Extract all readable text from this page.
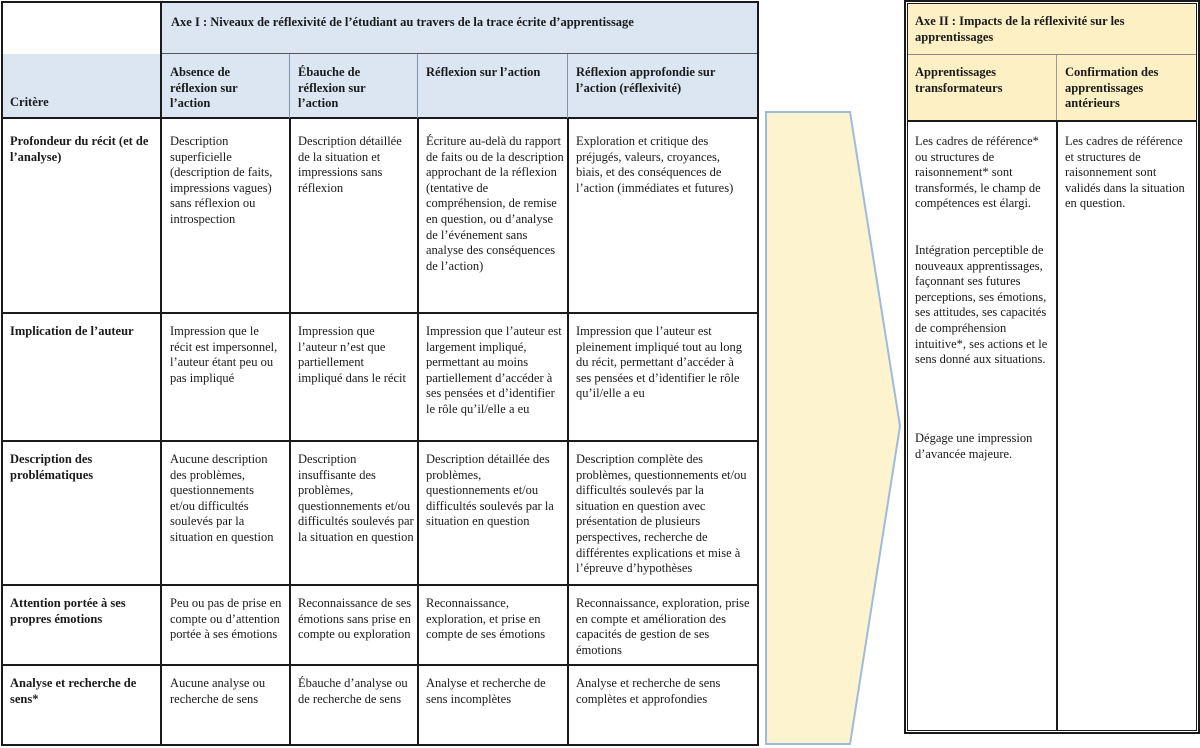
Axe I : Niveaux de réflexivité de l’étudiant au travers de la trace écrite d’apprentissage
Critère
Absence de réflexion sur l’action
Ébauche de réflexion sur l’action
Réflexion sur l’action	Réflexion approfondie sur l’action (réflexivité)
Profondeur du récit (et de l’analyse)
Description superficielle (description de faits, impressions vagues) sans réflexion ou introspection
Description détaillée de la situation et impressions sans réflexion
Écriture au-delà du rapport de faits ou de la description approchant de la réflexion (tentative de compréhension, de remise en question, ou d’analyse de l’événement sans analyse des conséquences de l’action)
Exploration et critique des préjugés, valeurs, croyances, biais, et des conséquences de l’action (immédiates et futures)
Implication de l’auteur	Impression que le récit est impersonnel, l’auteur étant peu ou pas impliqué
Impression que l’auteur n’est que partiellement impliqué dans le récit
Impression que l’auteur est largement impliqué, permettant au moins partiellement d’accéder à ses pensées et d’identifier le rôle qu’il/elle a eu
Impression que l’auteur est pleinement impliqué tout au long du récit, permettant d’accéder à ses pensées et d’identifier le rôle qu’il/elle a eu
Description des problématiques
Aucune description des problèmes, questionnements et/ou difficultés soulevés par la situation en question
Description insuffisante des problèmes, questionnements et/ou difficultés soulevés par la situation en question
Description détaillée des problèmes, questionnements et/ou difficultés soulevés par la situation en question
Description complète des problèmes, questionnements et/ou difficultés soulevés par la situation en question avec présentation de plusieurs perspectives, recherche de différentes explications et mise à l’épreuve d’hypothèses
Attention portée à ses propres émotions
Peu ou pas de prise en compte ou d’attention portée à ses émotions
Reconnaissance de ses émotions sans prise en compte ou exploration
Reconnaissance, exploration, et prise en compte de ses émotions
Reconnaissance, exploration, prise en compte et amélioration des capacités de gestion de ses émotions
Analyse et recherche de sens*
Aucune analyse ou recherche de sens
Ébauche d’analyse ou de recherche de sens
Analyse et recherche de sens incomplètes
Analyse et recherche de sens complètes et approfondies
Axe II : Impacts de la réflexivité sur les apprentissages
Apprentissages transformateurs
Confirmation des apprentissages antérieurs
Les cadres de référence* ou structures de raisonnement* sont transformés, le champ de compétences est élargi.
Intégration perceptible de nouveaux apprentissages, façonnant ses futures perceptions, ses émotions, ses attitudes, ses capacités de compréhension intuitive*, ses actions et le sens donné aux situations.
Dégage une impression d’avancée majeure.
Les cadres de référence et structures de raisonnement sont validés dans la situation en question.
